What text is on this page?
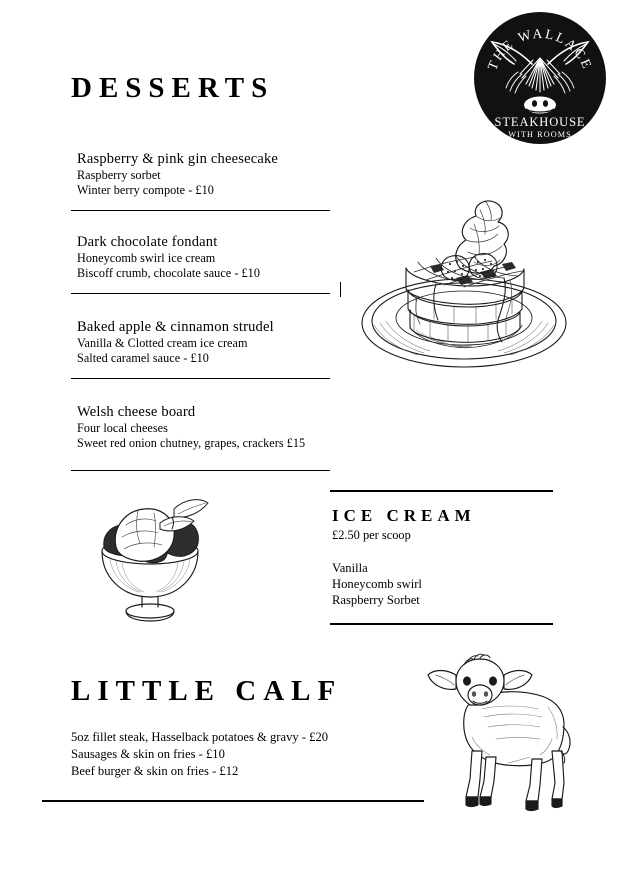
THE WALLACE
STEAKHOUSE
WITH ROOMS
DESSERTS
Raspberry & pink gin cheesecake
Raspberry sorbet
Winter berry compote - £10
Dark chocolate fondant
Honeycomb swirl ice cream
Biscoff crumb, chocolate sauce - £10
Baked apple & cinnamon strudel
Vanilla & Clotted cream ice cream
Salted caramel sauce - £10
Welsh cheese board
Four local cheeses
Sweet red onion chutney, grapes, crackers £15
ICE CREAM
£2.50 per scoop
Vanilla
Honeycomb swirl
Raspberry Sorbet
LITTLE CALF
5oz fillet steak, Hasselback potatoes & gravy - £20
Sausages & skin on fries - £10
Beef burger & skin on fries - £12
